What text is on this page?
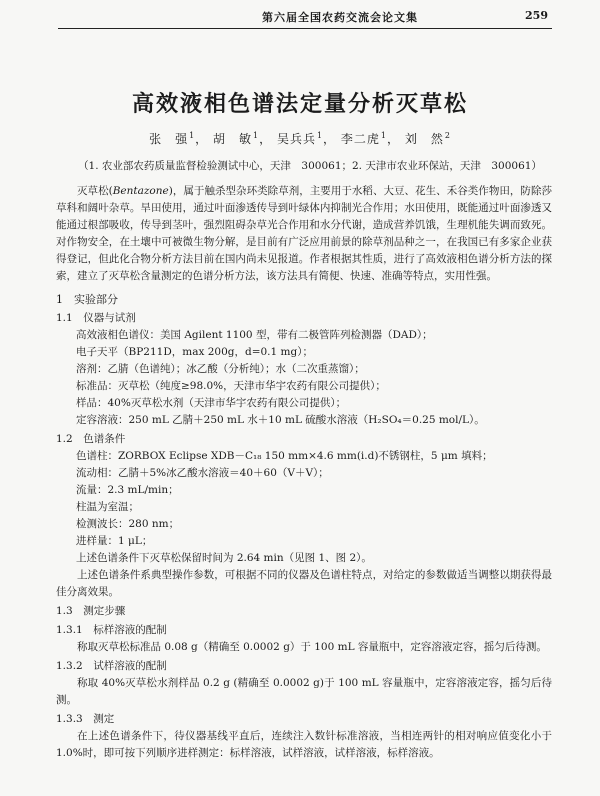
第六届全国农药交流会论文集	259
高效液相色谱法定量分析灭草松
张　强$^1$， 胡　敏$^1$， 吴兵兵$^1$， 李二虎$^1$， 刘　然$^2$
（1. 农业部农药质量监督检验测试中心，天津　300061；2. 天津市农业环保站，天津　300061）

灭草松(Bentazone)，属于触杀型杂环类除草剂，主要用于水稻、大豆、花生、禾谷类作物田，防除莎草科和阔叶杂草。旱田使用，通过叶面渗透传导到叶绿体内抑制光合作用；水田使用，既能通过叶面渗透又能通过根部吸收，传导到茎叶，强烈阻碍杂草光合作用和水分代谢，造成营养饥饿，生理机能失调而致死。对作物安全，在土壤中可被微生物分解，是目前有广泛应用前景的除草剂品种之一，在我国已有多家企业获得登记，但此化合物分析方法目前在国内尚未见报道。作者根据其性质，进行了高效液相色谱分析方法的探索，建立了灭草松含量测定的色谱分析方法，该方法具有简便、快速、准确等特点，实用性强。

1　实验部分

1.1　仪器与试剂

高效液相色谱仪：美国 Agilent 1100 型，带有二极管阵列检测器（DAD）；

电子天平（BP211D，max 200g，d=0.1 mg）；

溶剂：乙腈（色谱纯）；冰乙酸（分析纯）；水（二次重蒸馏）；

标准品：灭草松（纯度≥98.0%，天津市华宇农药有限公司提供）；

样品：40%灭草松水剂（天津市华宇农药有限公司提供）；

定容溶液：250 mL 乙腈＋250 mL 水＋10 mL 硫酸水溶液（H₂SO₄＝0.25 mol/L）。

1.2　色谱条件

色谱柱：ZORBOX Eclipse XDB－C₁₈ 150 mm×4.6 mm(i.d)不锈钢柱，5 μm 填料；

流动相：乙腈＋5%冰乙酸水溶液＝40＋60（V＋V）；

流量：2.3 mL/min；

柱温为室温；

检测波长：280 nm；

进样量：1 μL；

上述色谱条件下灭草松保留时间为 2.64 min（见图 1、图 2）。

上述色谱条件系典型操作参数，可根据不同的仪器及色谱柱特点，对给定的参数做适当调整以期获得最佳分离效果。

1.3　测定步骤

1.3.1　标样溶液的配制

称取灭草松标准品 0.08 g（精确至 0.0002 g）于 100 mL 容量瓶中，定容溶液定容，摇匀后待测。

1.3.2　试样溶液的配制

称取 40%灭草松水剂样品 0.2 g (精确至 0.0002 g)于 100 mL 容量瓶中，定容溶液定容，摇匀后待测。

1.3.3　测定

在上述色谱条件下，待仪器基线平直后，连续注入数针标准溶液，当相连两针的相对响应值变化小于 1.0%时，即可按下列顺序进样测定：标样溶液，试样溶液，试样溶液，标样溶液。
